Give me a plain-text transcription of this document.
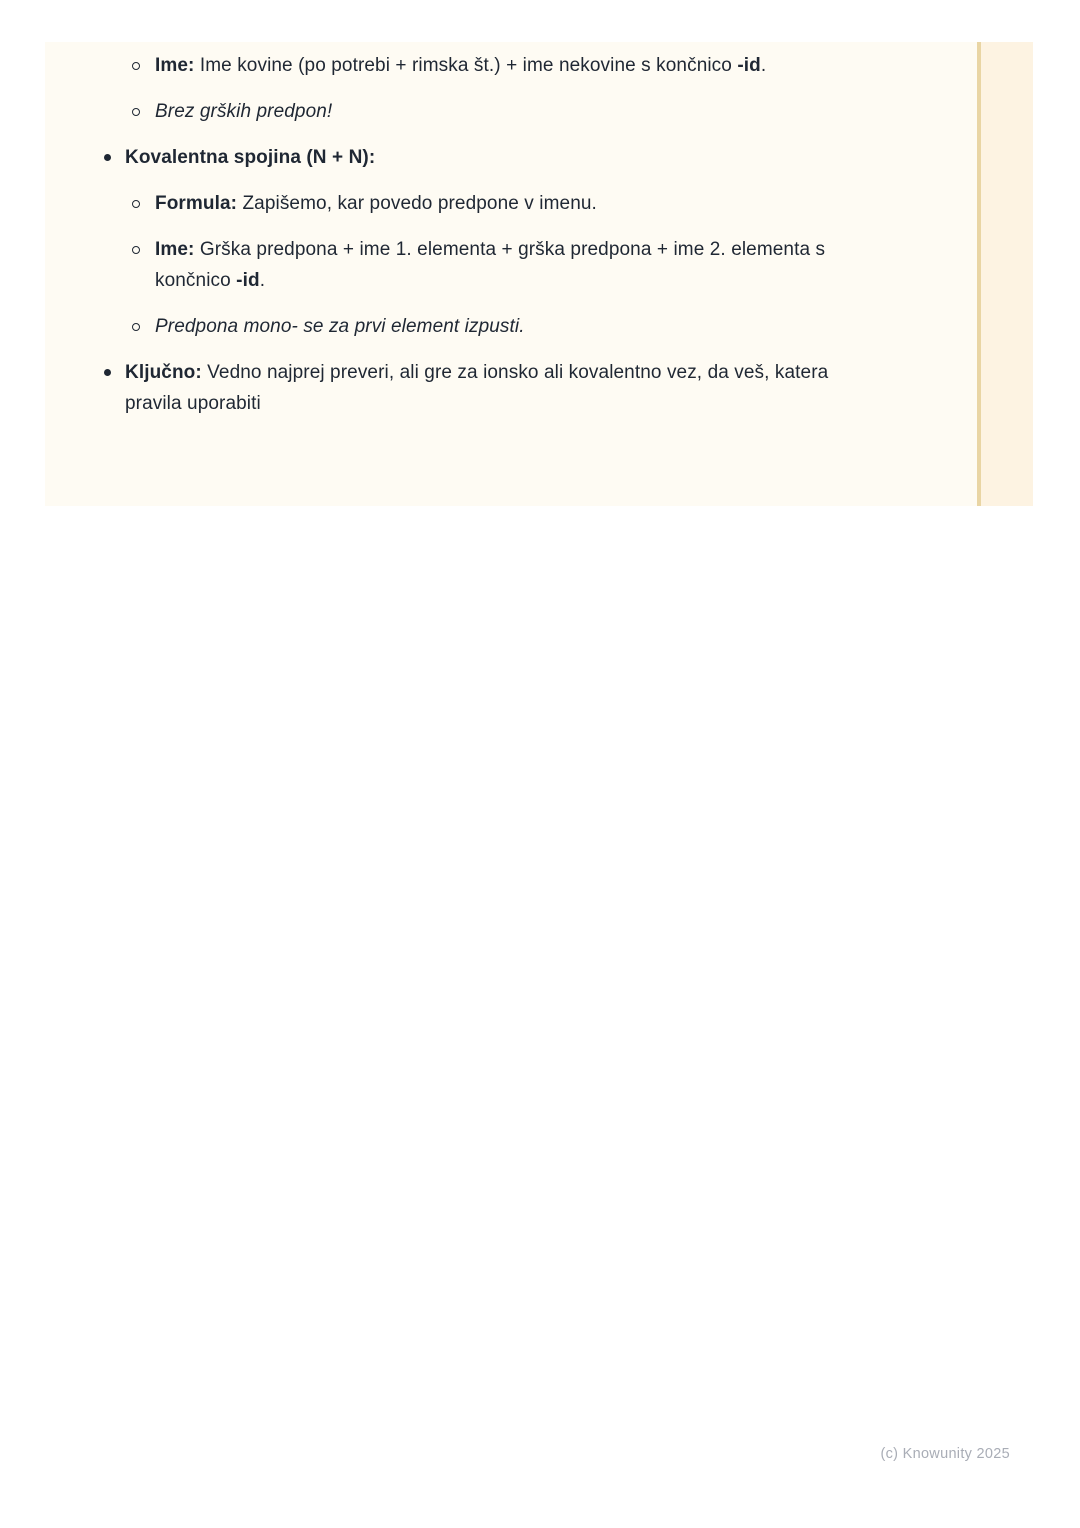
Ime: Ime kovine (po potrebi + rimska št.) + ime nekovine s končnico -id.
Brez grških predpon!
Kovalentna spojina (N + N):
Formula: Zapišemo, kar povedo predpone v imenu.
Ime: Grška predpona + ime 1. elementa + grška predpona + ime 2. elementa s končnico -id.
Predpona mono- se za prvi element izpusti.
Ključno: Vedno najprej preveri, ali gre za ionsko ali kovalentno vez, da veš, katera pravila uporabiti
(c) Knowunity 2025
